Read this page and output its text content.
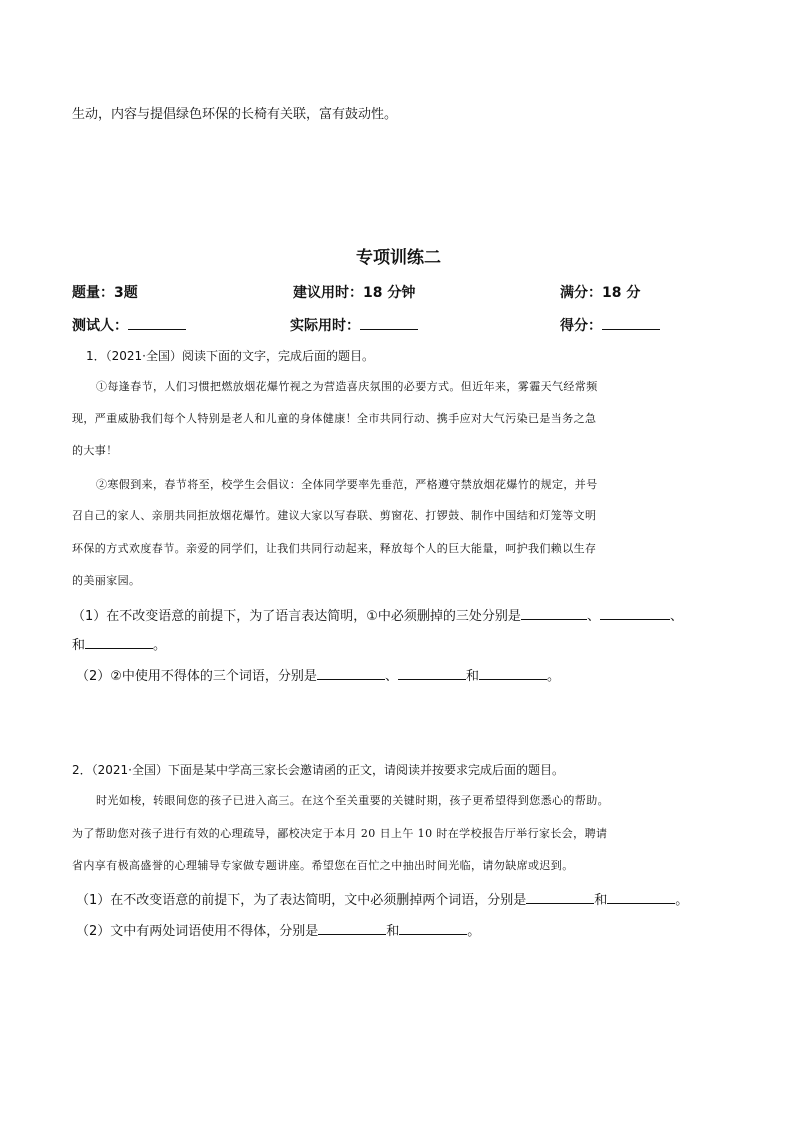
生动，内容与提倡绿色环保的长椅有关联，富有鼓动性。
专项训练二
题量：3题	建议用时：18 分钟	满分：18 分
测试人：	实际用时：	得分：
1．（2021·全国）阅读下面的文字，完成后面的题目。
①每逢春节，人们习惯把燃放烟花爆竹视之为营造喜庆氛围的必要方式。但近年来，雾霾天气经常频
现，严重威胁我们每个人特别是老人和儿童的身体健康！全市共同行动、携手应对大气污染已是当务之急
的大事！
②寒假到来，春节将至，校学生会倡议：全体同学要率先垂范，严格遵守禁放烟花爆竹的规定，并号
召自己的家人、亲朋共同拒放烟花爆竹。建议大家以写春联、剪窗花、打锣鼓、制作中国结和灯笼等文明
环保的方式欢度春节。亲爱的同学们，让我们共同行动起来，释放每个人的巨大能量，呵护我们赖以生存
的美丽家园。
（1）在不改变语意的前提下，为了语言表达简明，①中必须删掉的三处分别是	、	、
和	。
（2）②中使用不得体的三个词语，分别是	、	和	。
2．（2021·全国）下面是某中学高三家长会邀请函的正文，请阅读并按要求完成后面的题目。
时光如梭，转眼间您的孩子已进入高三。在这个至关重要的关键时期，孩子更希望得到您悉心的帮助。
为了帮助您对孩子进行有效的心理疏导，鄙校决定于本月 20 日上午 10 时在学校报告厅举行家长会，聘请
省内享有极高盛誉的心理辅导专家做专题讲座。希望您在百忙之中抽出时间光临，请勿缺席或迟到。
（1）在不改变语意的前提下，为了表达简明，文中必须删掉两个词语，分别是	和	。
（2）文中有两处词语使用不得体，分别是	和	。
